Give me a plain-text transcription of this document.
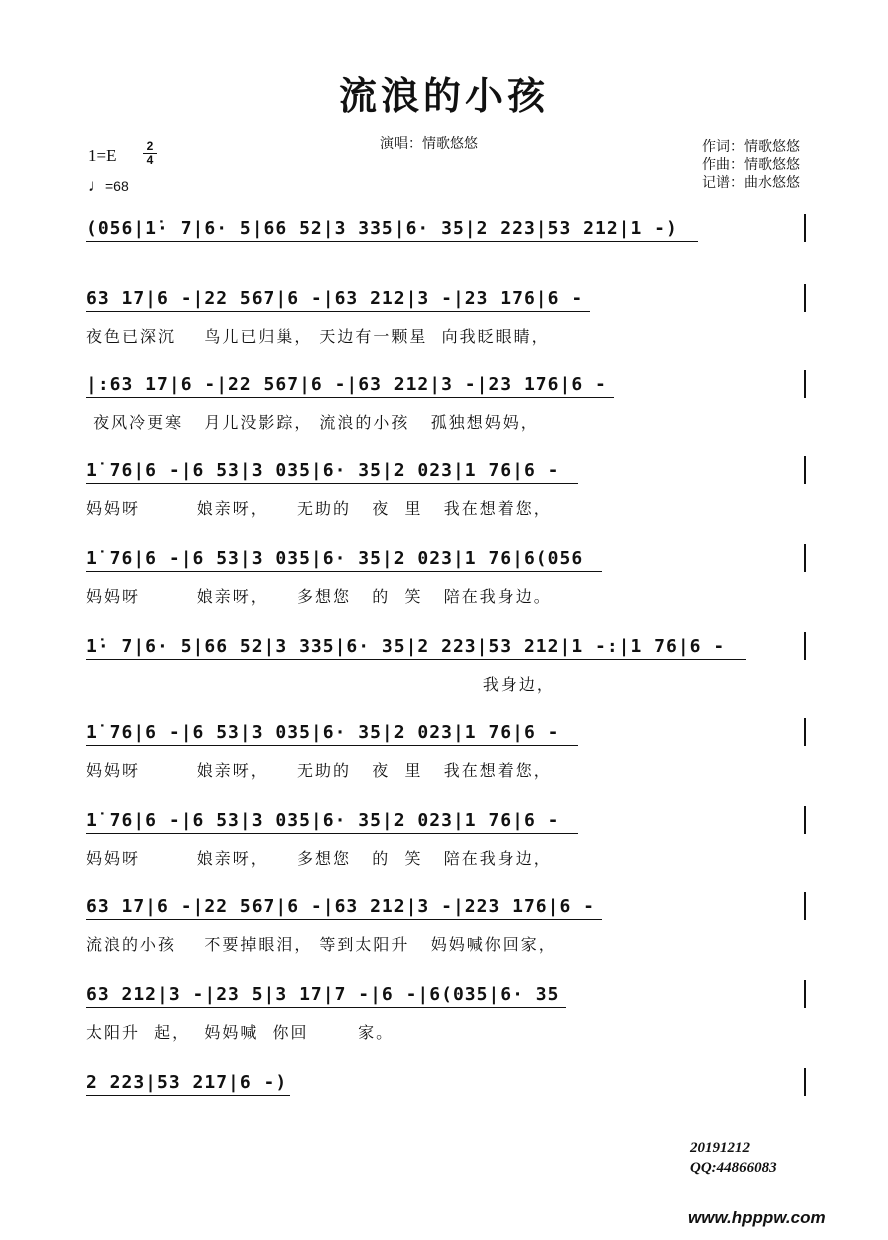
流浪的小孩
演唱：情歌悠悠	作词：情歌悠悠
作曲：情歌悠悠
记谱：曲水悠悠
1=E	2
4
♩=68
(056|1̇· 7|6· 5|66 52|3 335|6· 35|2 223|53 212|1 -)
63 17|6 -|22 567|6 -|63 212|3 -|23 176|6 -
夜色已深沉    鸟儿已归巢， 天边有一颗星  向我眨眼睛，
|:63 17|6 -|22 567|6 -|63 212|3 -|23 176|6 -
夜风冷更寒   月儿没影踪， 流浪的小孩   孤独想妈妈，
1̇ 76|6 -|6 53|3 035|6· 35|2 023|1 76|6 -
妈妈呀        娘亲呀，    无助的   夜  里   我在想着您，
1̇ 76|6 -|6 53|3 035|6· 35|2 023|1 76|6(056
妈妈呀        娘亲呀，    多想您   的  笑   陪在我身边。
1̇· 7|6· 5|66 52|3 335|6· 35|2 223|53 212|1 -:|1 76|6 -
我身边，
1̇ 76|6 -|6 53|3 035|6· 35|2 023|1 76|6 -
妈妈呀        娘亲呀，    无助的   夜  里   我在想着您，
1̇ 76|6 -|6 53|3 035|6· 35|2 023|1 76|6 -
妈妈呀        娘亲呀，    多想您   的  笑   陪在我身边，
63 17|6 -|22 567|6 -|63 212|3 -|223 176|6 -
流浪的小孩    不要掉眼泪， 等到太阳升   妈妈喊你回家，
63 212|3 -|23 5|3 17|7 -|6 -|6(035|6· 35
太阳升  起，  妈妈喊  你回       家。
2 223|53 217|6 -)
20191212
QQ:44866083
www.hpppw.com
